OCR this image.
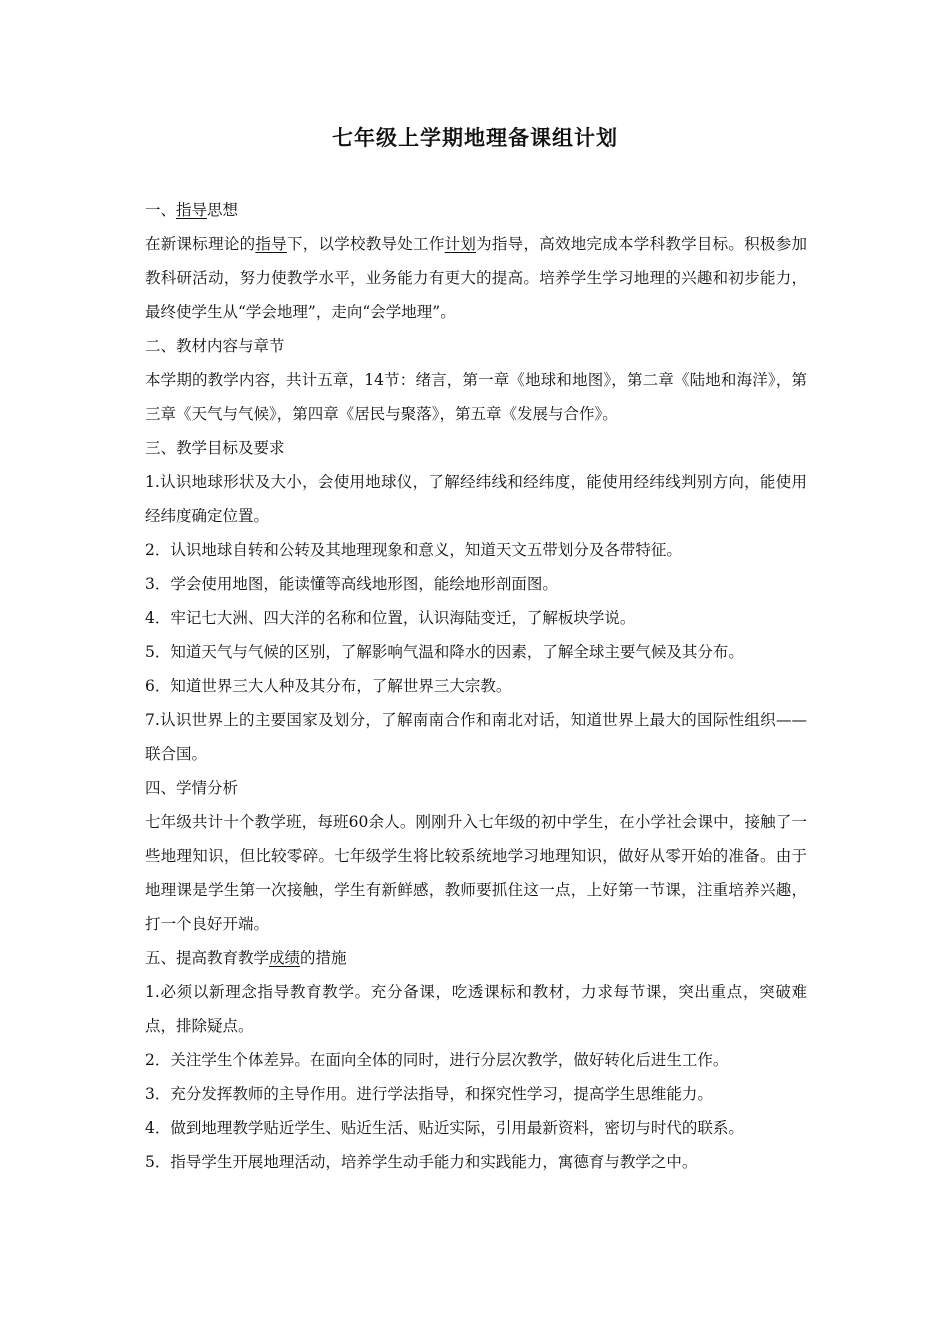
七年级上学期地理备课组计划
一、指导思想
在新课标理论的指导下，以学校教导处工作计划为指导，高效地完成本学科教学目标。积极参加教科研活动，努力使教学水平，业务能力有更大的提高。培养学生学习地理的兴趣和初步能力，最终使学生从“学会地理”，走向“会学地理”。
二、教材内容与章节
本学期的教学内容，共计五章，14节：绪言，第一章《地球和地图》，第二章《陆地和海洋》，第三章《天气与气候》，第四章《居民与聚落》，第五章《发展与合作》。
三、教学目标及要求
1.认识地球形状及大小，会使用地球仪，了解经纬线和经纬度，能使用经纬线判别方向，能使用经纬度确定位置。
2．认识地球自转和公转及其地理现象和意义，知道天文五带划分及各带特征。
3．学会使用地图，能读懂等高线地形图，能绘地形剖面图。
4．牢记七大洲、四大洋的名称和位置，认识海陆变迁，了解板块学说。
5．知道天气与气候的区别，了解影响气温和降水的因素，了解全球主要气候及其分布。
6．知道世界三大人种及其分布，了解世界三大宗教。
7.认识世界上的主要国家及划分，了解南南合作和南北对话，知道世界上最大的国际性组织——联合国。
四、学情分析
七年级共计十个教学班，每班60余人。刚刚升入七年级的初中学生，在小学社会课中，接触了一些地理知识，但比较零碎。七年级学生将比较系统地学习地理知识，做好从零开始的准备。由于地理课是学生第一次接触，学生有新鲜感，教师要抓住这一点，上好第一节课，注重培养兴趣，打一个良好开端。
五、提高教育教学成绩的措施
1.必须以新理念指导教育教学。充分备课，吃透课标和教材，力求每节课，突出重点，突破难点，排除疑点。
2．关注学生个体差异。在面向全体的同时，进行分层次教学，做好转化后进生工作。
3．充分发挥教师的主导作用。进行学法指导，和探究性学习，提高学生思维能力。
4．做到地理教学贴近学生、贴近生活、贴近实际，引用最新资料，密切与时代的联系。
5．指导学生开展地理活动，培养学生动手能力和实践能力，寓德育与教学之中。
